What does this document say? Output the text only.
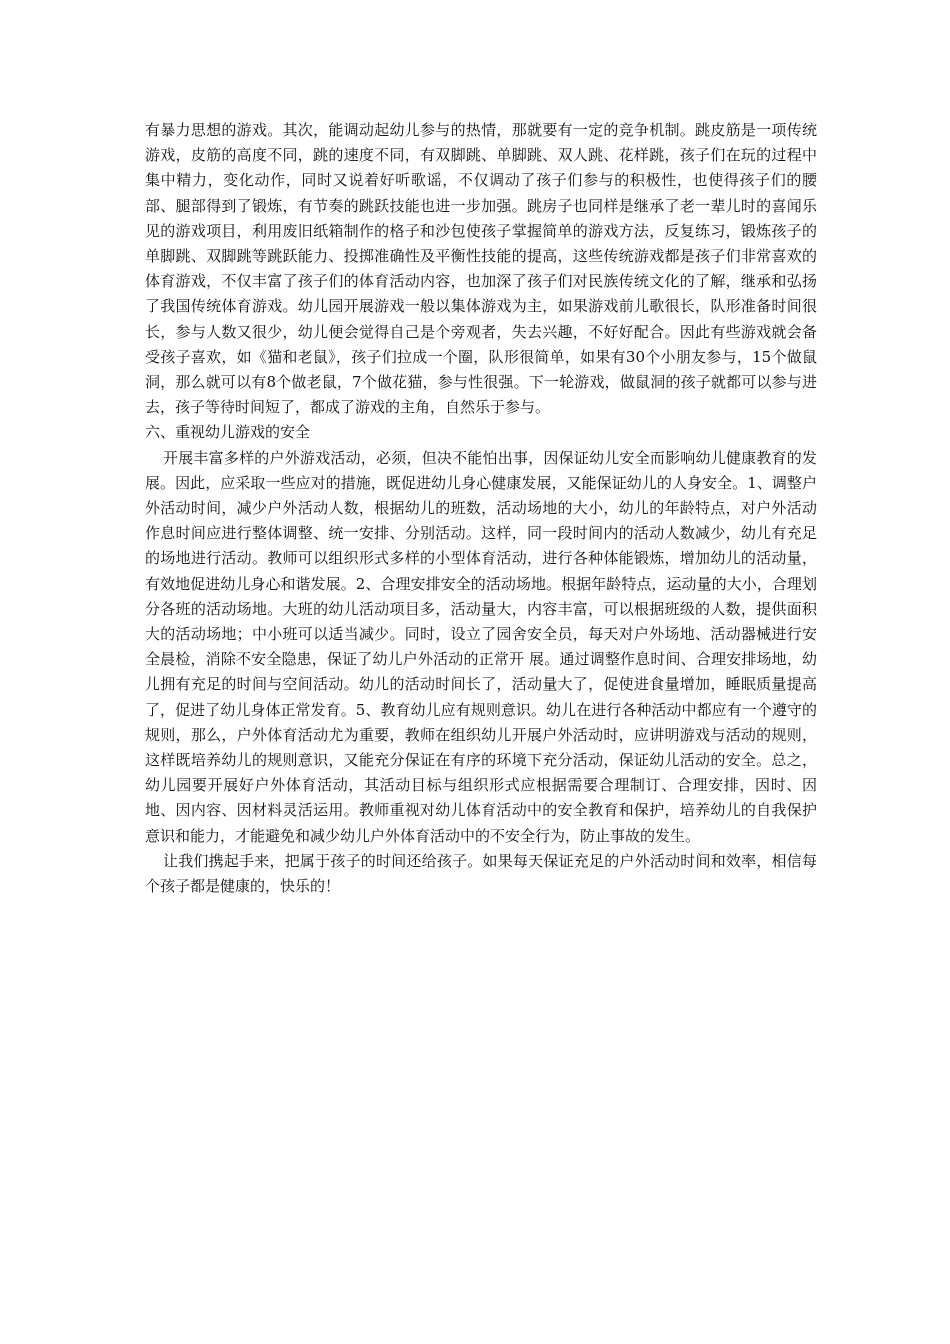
有暴力思想的游戏。其次，能调动起幼儿参与的热情，那就要有一定的竞争机制。跳皮筋是一项传统游戏，皮筋的高度不同，跳的速度不同，有双脚跳、单脚跳、双人跳、花样跳，孩子们在玩的过程中集中精力，变化动作，同时又说着好听歌谣，不仅调动了孩子们参与的积极性，也使得孩子们的腰部、腿部得到了锻炼，有节奏的跳跃技能也进一步加强。跳房子也同样是继承了老一辈儿时的喜闻乐见的游戏项目，利用废旧纸箱制作的格子和沙包使孩子掌握简单的游戏方法，反复练习，锻炼孩子的单脚跳、双脚跳等跳跃能力、投掷准确性及平衡性技能的提高，这些传统游戏都是孩子们非常喜欢的体育游戏，不仅丰富了孩子们的体育活动内容，也加深了孩子们对民族传统文化的了解，继承和弘扬了我国传统体育游戏。幼儿园开展游戏一般以集体游戏为主，如果游戏前儿歌很长，队形准备时间很长，参与人数又很少，幼儿便会觉得自己是个旁观者，失去兴趣，不好好配合。因此有些游戏就会备受孩子喜欢，如《猫和老鼠》，孩子们拉成一个圈，队形很简单，如果有30个小朋友参与，15个做鼠洞，那么就可以有8个做老鼠，7个做花猫，参与性很强。下一轮游戏，做鼠洞的孩子就都可以参与进去，孩子等待时间短了，都成了游戏的主角，自然乐于参与。

六、重视幼儿游戏的安全

开展丰富多样的户外游戏活动，必须，但决不能怕出事，因保证幼儿安全而影响幼儿健康教育的发展。因此，应采取一些应对的措施，既促进幼儿身心健康发展，又能保证幼儿的人身安全。1、调整户外活动时间，减少户外活动人数，根据幼儿的班数，活动场地的大小，幼儿的年龄特点，对户外活动作息时间应进行整体调整、统一安排、分别活动。这样，同一段时间内的活动人数减少，幼儿有充足的场地进行活动。教师可以组织形式多样的小型体育活动，进行各种体能锻炼，增加幼儿的活动量，有效地促进幼儿身心和谐发展。2、合理安排安全的活动场地。根据年龄特点，运动量的大小，合理划分各班的活动场地。大班的幼儿活动项目多，活动量大，内容丰富，可以根据班级的人数，提供面积大的活动场地；中小班可以适当减少。同时，设立了园舍安全员，每天对户外场地、活动器械进行安全晨检，消除不安全隐患，保证了幼儿户外活动的正常开 展。通过调整作息时间、合理安排场地，幼儿拥有充足的时间与空间活动。幼儿的活动时间长了，活动量大了，促使进食量增加，睡眠质量提高了，促进了幼儿身体正常发育。5、教育幼儿应有规则意识。幼儿在进行各种活动中都应有一个遵守的规则，那么，户外体育活动尤为重要，教师在组织幼儿开展户外活动时，应讲明游戏与活动的规则，这样既培养幼儿的规则意识，又能充分保证在有序的环境下充分活动，保证幼儿活动的安全。总之，幼儿园要开展好户外体育活动，其活动目标与组织形式应根据需要合理制订、合理安排，因时、因地、因内容、因材料灵活运用。教师重视对幼儿体育活动中的安全教育和保护，培养幼儿的自我保护意识和能力，才能避免和减少幼儿户外体育活动中的不安全行为，防止事故的发生。

让我们携起手来，把属于孩子的时间还给孩子。如果每天保证充足的户外活动时间和效率，相信每个孩子都是健康的，快乐的！
